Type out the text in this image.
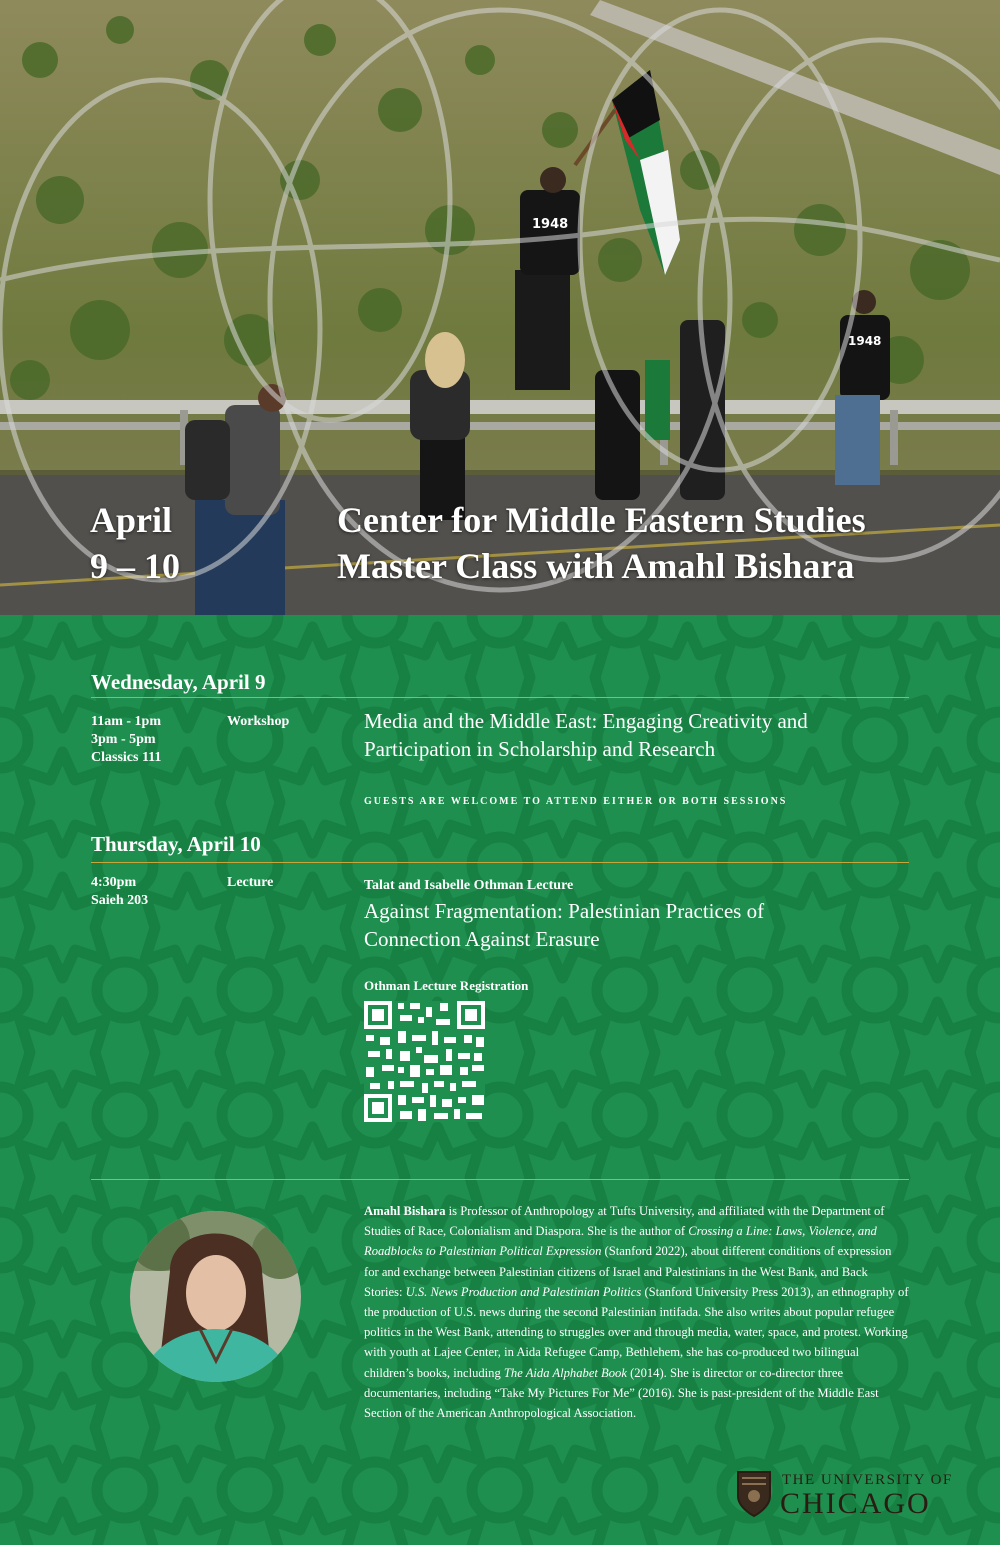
1948
1948
April
9 – 10
Center for Middle Eastern Studies
Master Class with Amahl Bishara
Wednesday, April 9
11am - 1pm
3pm - 5pm
Classics 111
Workshop	Media and the Middle East: Engaging Creativity and
Participation in Scholarship and Research
GUESTS ARE WELCOME TO ATTEND EITHER OR BOTH SESSIONS
Thursday, April 10
4:30pm
Saieh 203
Lecture	Talat and Isabelle Othman Lecture
Against Fragmentation: Palestinian Practices of
Connection Against Erasure
Othman Lecture Registration
Amahl Bishara is Professor of Anthropology at Tufts University, and affiliated with the Department of Studies of Race, Colonialism and Diaspora. She is the author of Crossing a Line: Laws, Violence, and Roadblocks to Palestinian Political Expression (Stanford 2022), about different conditions of expression for and exchange between Palestinian citizens of Israel and Palestinians in the West Bank, and Back Stories: U.S. News Production and Palestinian Politics (Stanford University Press 2013), an ethnography of the production of U.S. news during the second Palestinian intifada. She also writes about popular refugee politics in the West Bank, attending to struggles over and through media, water, space, and protest. Working with youth at Lajee Center, in Aida Refugee Camp, Bethlehem, she has co-produced two bilingual children’s books, including The Aida Alphabet Book (2014). She is director or co-director three documentaries, including “Take My Pictures For Me” (2016). She is past-president of the Middle East Section of the American Anthropological Association.
THE UNIVERSITY OF
CHICAGO
